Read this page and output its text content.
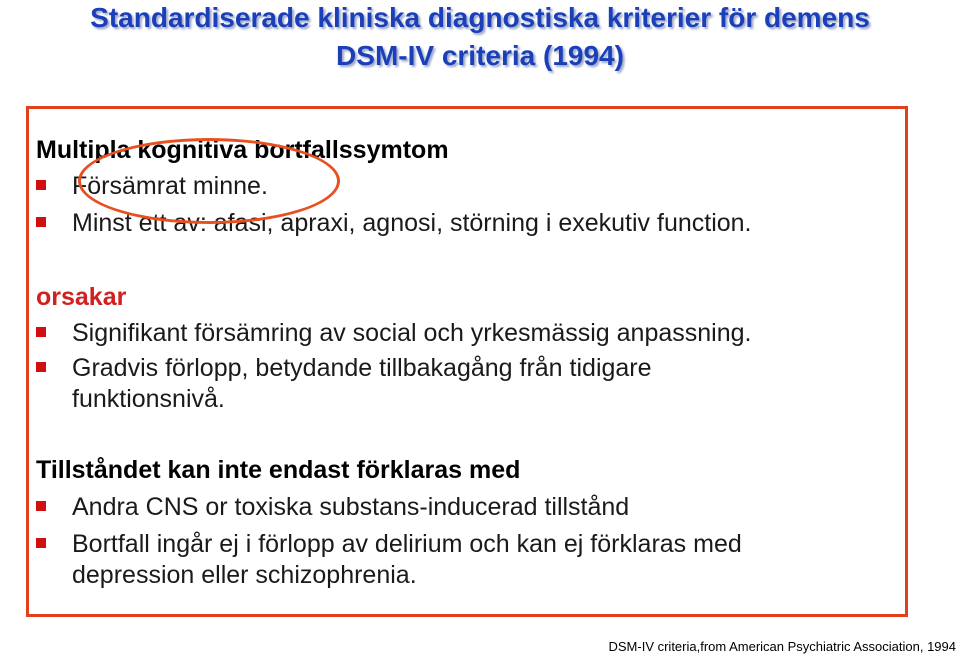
Standardiserade kliniska diagnostiska kriterier för demens
DSM-IV criteria (1994)

Multipla kognitiva bortfallssymtom

Försämrat minne.
Minst ett av: afasi, apraxi, agnosi, störning i exekutiv function.

orsakar

Signifikant försämring av social och yrkesmässig anpassning.
Gradvis förlopp, betydande tillbakagång från tidigare funktionsnivå.

Tillståndet kan inte endast förklaras med

Andra CNS or toxiska substans-inducerad tillstånd
Bortfall ingår ej i förlopp av delirium och kan ej förklaras med depression eller schizophrenia.
DSM-IV criteria,from American Psychiatric Association, 1994
